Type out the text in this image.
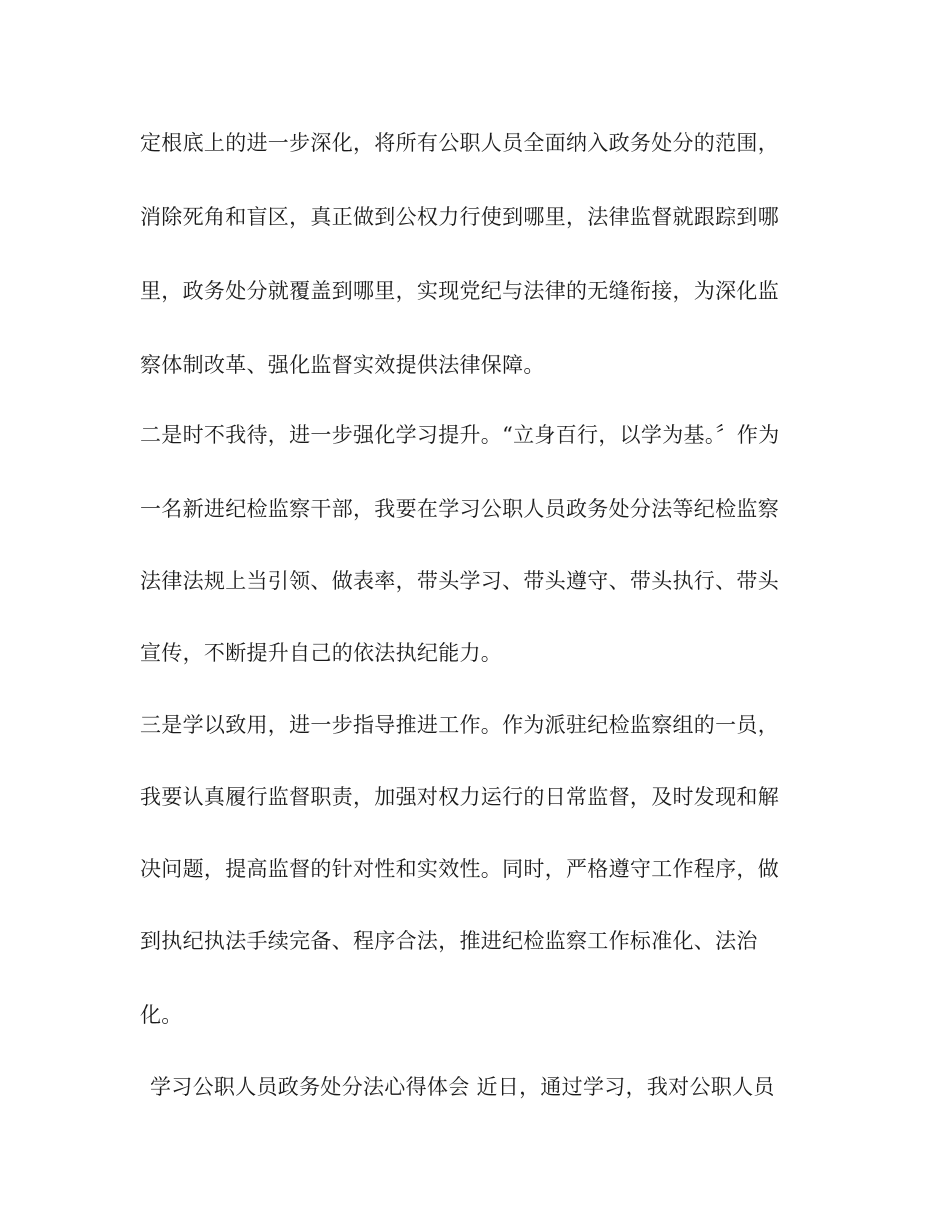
定根底上的进一步深化，将所有公职人员全面纳入政务处分的范围，
消除死角和盲区，真正做到公权力行使到哪里，法律监督就跟踪到哪
里，政务处分就覆盖到哪里，实现党纪与法律的无缝衔接，为深化监
察体制改革、强化监督实效提供法律保障。
二是时不我待，进一步强化学习提升。“立身百行，以学为基。〞作为
一名新进纪检监察干部，我要在学习公职人员政务处分法等纪检监察
法律法规上当引领、做表率，带头学习、带头遵守、带头执行、带头
宣传，不断提升自己的依法执纪能力。
三是学以致用，进一步指导推进工作。作为派驻纪检监察组的一员，
我要认真履行监督职责，加强对权力运行的日常监督，及时发现和解
决问题，提高监督的针对性和实效性。同时，严格遵守工作程序，做
到执纪执法手续完备、程序合法，推进纪检监察工作标准化、法治
化。
学习公职人员政务处分法心得体会 近日，通过学习，我对公职人员
